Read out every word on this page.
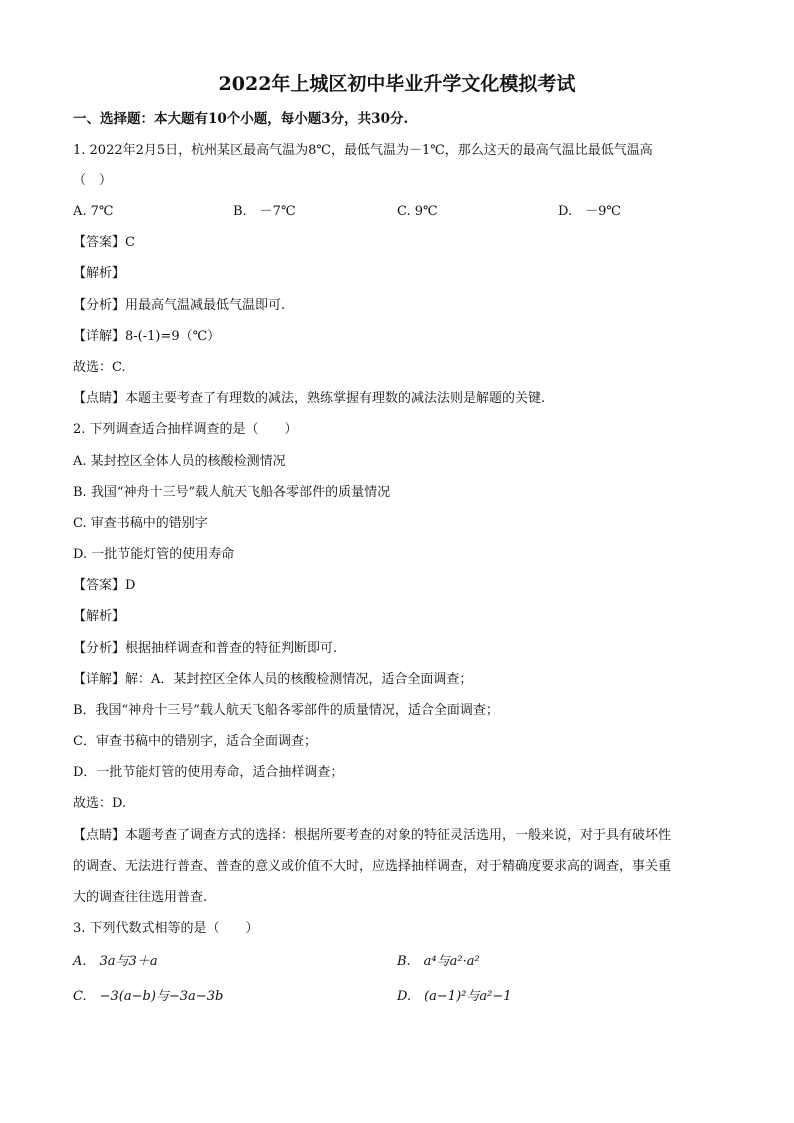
2022年上城区初中毕业升学文化模拟考试
一、选择题：本大题有10个小题，每小题3分，共30分.
1. 2022年2月5日，杭州某区最高气温为8℃，最低气温为－1℃，那么这天的最高气温比最低气温高
（　）
A. 7℃	B.　－7℃	C. 9℃	D.　－9℃
【答案】C
【解析】
【分析】用最高气温减最低气温即可.
【详解】8-(-1)=9（℃）
故选：C.
【点睛】本题主要考查了有理数的减法，熟练掌握有理数的减法法则是解题的关键.
2. 下列调查适合抽样调查的是（　　）
A. 某封控区全体人员的核酸检测情况
B. 我国“神舟十三号”载人航天飞船各零部件的质量情况
C. 审查书稿中的错别字
D. 一批节能灯管的使用寿命
【答案】D
【解析】
【分析】根据抽样调查和普查的特征判断即可.
【详解】解：A．某封控区全体人员的核酸检测情况，适合全面调查；
B．我国“神舟十三号”载人航天飞船各零部件的质量情况，适合全面调查；
C．审查书稿中的错别字，适合全面调查；
D．一批节能灯管的使用寿命，适合抽样调查；
故选：D.
【点睛】本题考查了调查方式的选择：根据所要考查的对象的特征灵活选用，一般来说，对于具有破坏性
的调查、无法进行普查、普查的意义或价值不大时，应选择抽样调查，对于精确度要求高的调查，事关重
大的调查往往选用普查.
3. 下列代数式相等的是（　　）
A.　3a与3＋a	B.　a⁴与a²·a²
C.　−3(a−b)与−3a−3b	D.　(a−1)²与a²−1
